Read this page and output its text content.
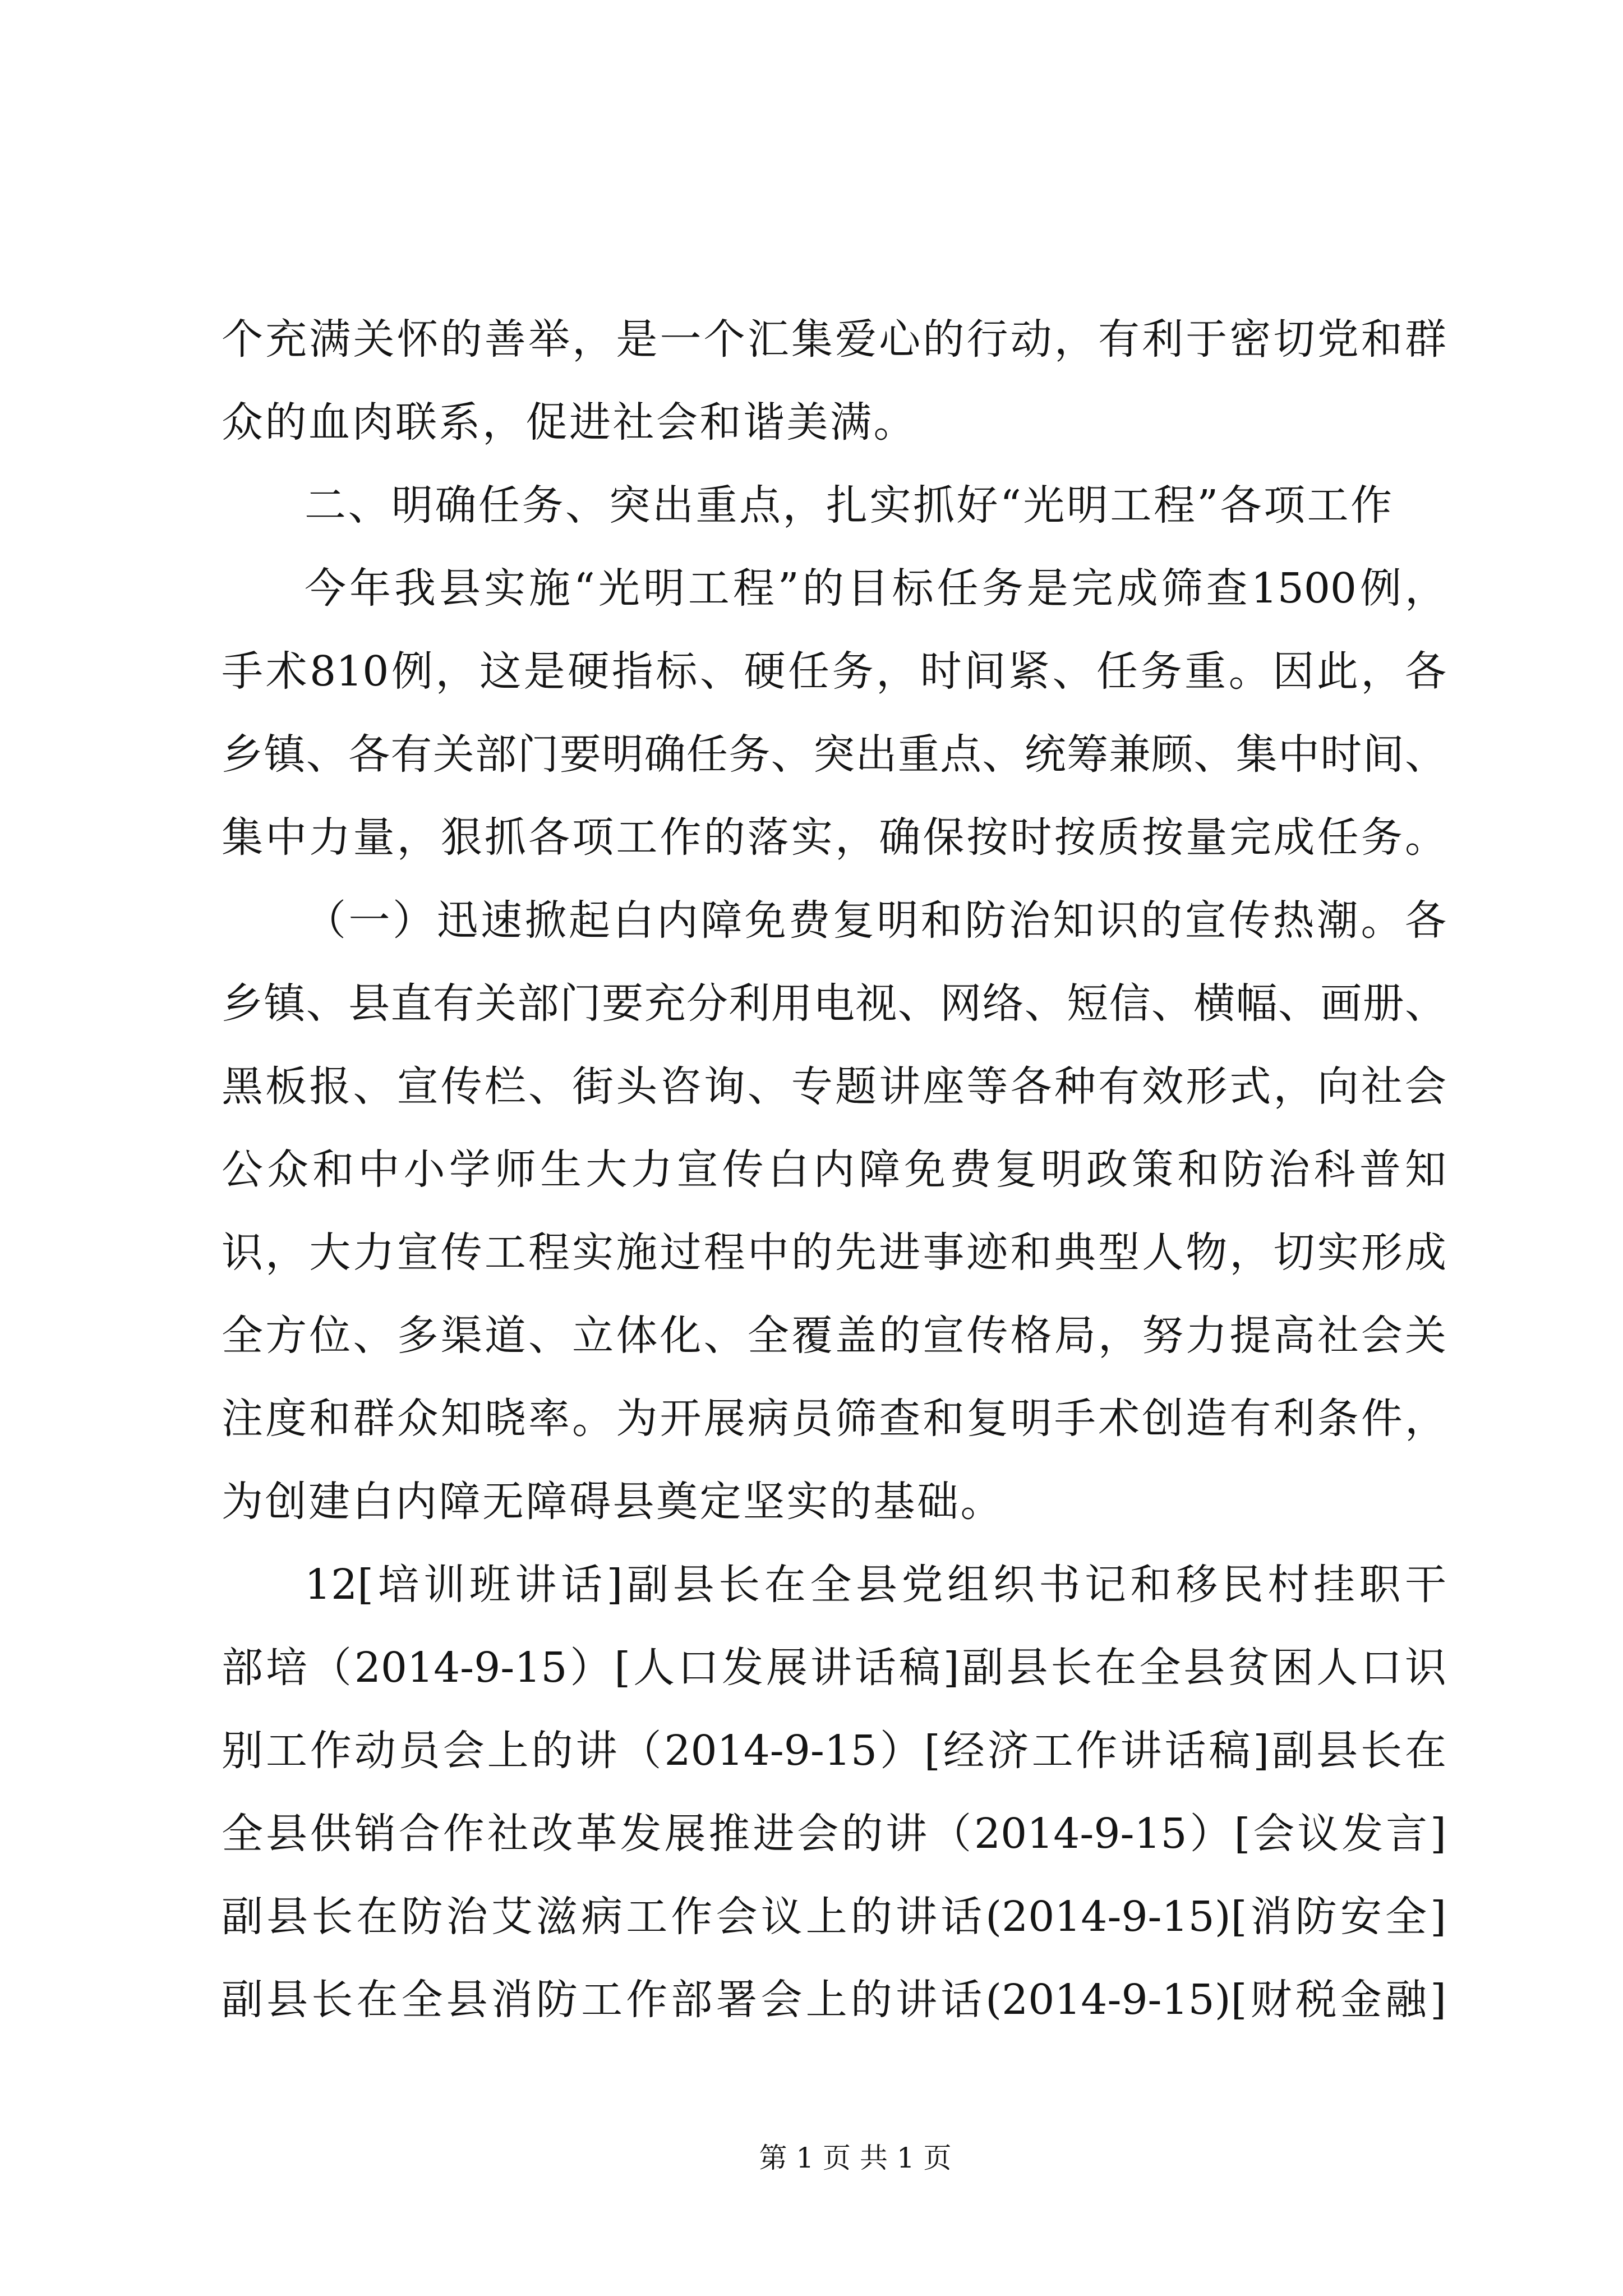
个充满关怀的善举，是一个汇集爱心的行动，有利于密切党和群
众的血肉联系，促进社会和谐美满。
二、明确任务、突出重点，扎实抓好“光明工程”各项工作
今年我县实施“光明工程”的目标任务是完成筛查1500例，
手术810例，这是硬指标、硬任务，时间紧、任务重。因此，各
乡镇、各有关部门要明确任务、突出重点、统筹兼顾、集中时间、
集中力量，狠抓各项工作的落实，确保按时按质按量完成任务。
（一）迅速掀起白内障免费复明和防治知识的宣传热潮。各
乡镇、县直有关部门要充分利用电视、网络、短信、横幅、画册、
黑板报、宣传栏、街头咨询、专题讲座等各种有效形式，向社会
公众和中小学师生大力宣传白内障免费复明政策和防治科普知
识，大力宣传工程实施过程中的先进事迹和典型人物，切实形成
全方位、多渠道、立体化、全覆盖的宣传格局，努力提高社会关
注度和群众知晓率。为开展病员筛查和复明手术创造有利条件，
为创建白内障无障碍县奠定坚实的基础。
12[培训班讲话]副县长在全县党组织书记和移民村挂职干
部培（2014-9-15）[人口发展讲话稿]副县长在全县贫困人口识
别工作动员会上的讲（2014-9-15）[经济工作讲话稿]副县长在
全县供销合作社改革发展推进会的讲（2014-9-15）[会议发言]
副县长在防治艾滋病工作会议上的讲话(2014-9-15)[消防安全]
副县长在全县消防工作部署会上的讲话(2014-9-15)[财税金融]
第 1 页 共 1 页
